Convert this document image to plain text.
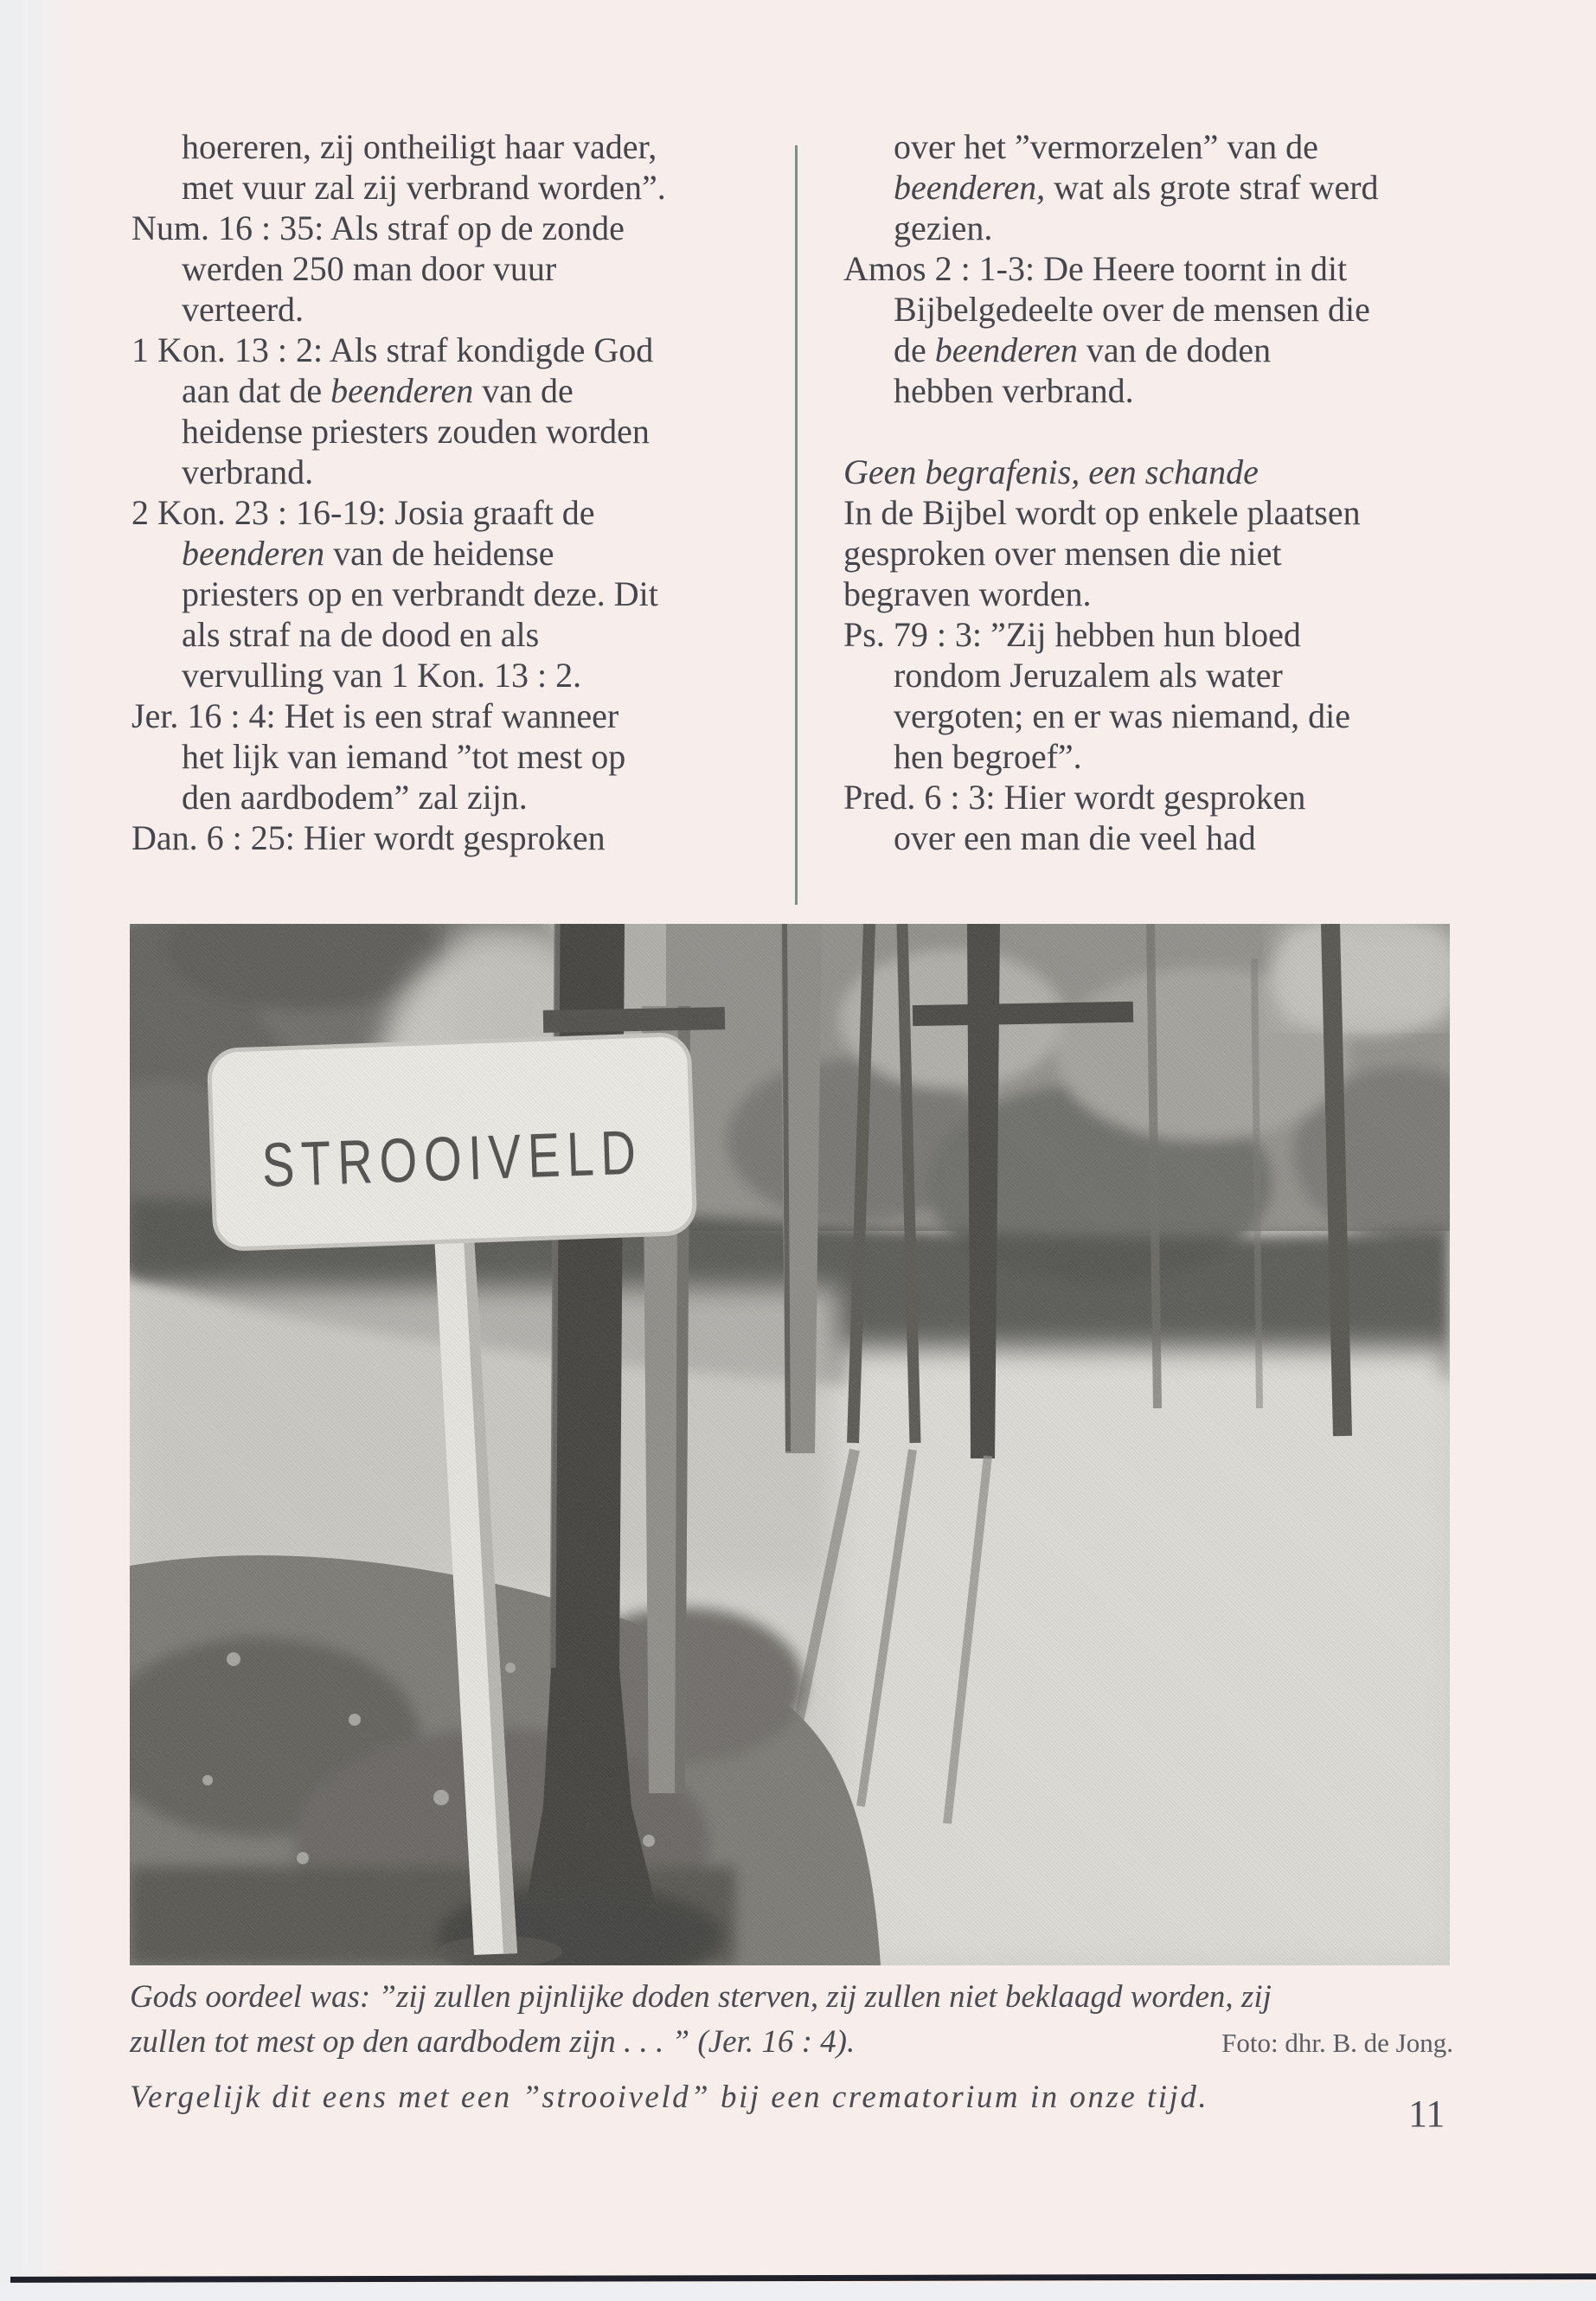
hoereren, zij ontheiligt haar vader,
met vuur zal zij verbrand worden”.
Num. 16 : 35: Als straf op de zonde
werden 250 man door vuur
verteerd.
1 Kon. 13 : 2: Als straf kondigde God
aan dat de beenderen van de
heidense priesters zouden worden
verbrand.
2 Kon. 23 : 16-19: Josia graaft de
beenderen van de heidense
priesters op en verbrandt deze. Dit
als straf na de dood en als
vervulling van 1 Kon. 13 : 2.
Jer. 16 : 4: Het is een straf wanneer
het lijk van iemand ”tot mest op
den aardbodem” zal zijn.
Dan. 6 : 25: Hier wordt gesproken
over het ”vermorzelen” van de
beenderen, wat als grote straf werd
gezien.
Amos 2 : 1-3: De Heere toornt in dit
Bijbelgedeelte over de mensen die
de beenderen van de doden
hebben verbrand.
Geen begrafenis, een schande
In de Bijbel wordt op enkele plaatsen
gesproken over mensen die niet
begraven worden.
Ps. 79 : 3: ”Zij hebben hun bloed
rondom Jeruzalem als water
vergoten; en er was niemand, die
hen begroef”.
Pred. 6 : 3: Hier wordt gesproken
over een man die veel had
Gods oordeel was: ”zij zullen pijnlijke doden sterven, zij zullen niet beklaagd worden, zij
zullen tot mest op den aardbodem zijn . . . ” (Jer. 16 : 4).	Foto: dhr. B. de Jong.
Vergelijk dit eens met een ”strooiveld” bij een crematorium in onze tijd.	11
